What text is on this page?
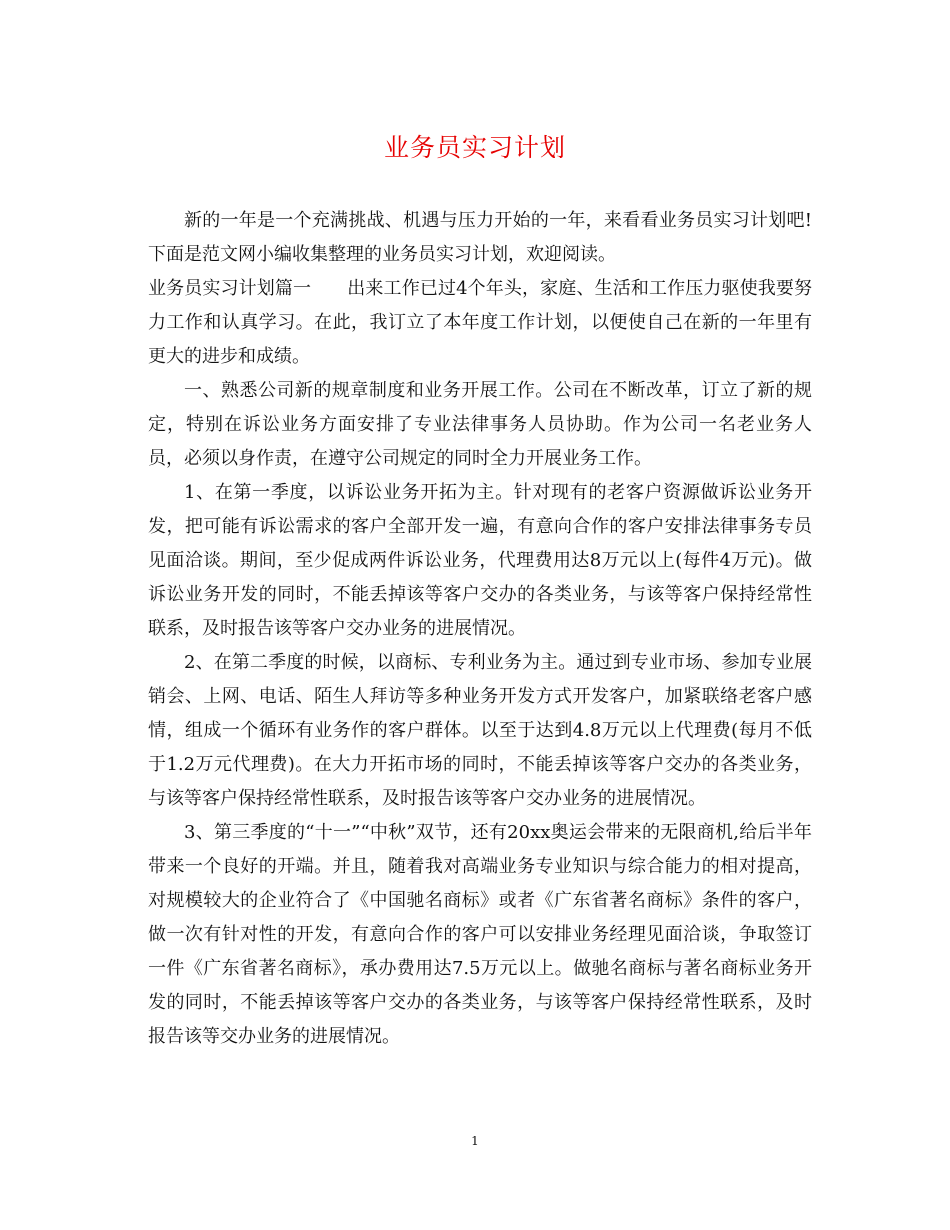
业务员实习计划

新的一年是一个充满挑战、机遇与压力开始的一年，来看看业务员实习计划吧!下面是范文网小编收集整理的业务员实习计划，欢迎阅读。

业务员实习计划篇一 出来工作已过4个年头，家庭、生活和工作压力驱使我要努力工作和认真学习。在此，我订立了本年度工作计划，以便使自己在新的一年里有更大的进步和成绩。

一、熟悉公司新的规章制度和业务开展工作。公司在不断改革，订立了新的规定，特别在诉讼业务方面安排了专业法律事务人员协助。作为公司一名老业务人员，必须以身作责，在遵守公司规定的同时全力开展业务工作。

1、在第一季度，以诉讼业务开拓为主。针对现有的老客户资源做诉讼业务开发，把可能有诉讼需求的客户全部开发一遍，有意向合作的客户安排法律事务专员见面洽谈。期间，至少促成两件诉讼业务，代理费用达8万元以上(每件4万元)。做诉讼业务开发的同时，不能丢掉该等客户交办的各类业务，与该等客户保持经常性联系，及时报告该等客户交办业务的进展情况。

2、在第二季度的时候，以商标、专利业务为主。通过到专业市场、参加专业展销会、上网、电话、陌生人拜访等多种业务开发方式开发客户，加紧联络老客户感情，组成一个循环有业务作的客户群体。以至于达到4.8万元以上代理费(每月不低于1.2万元代理费)。在大力开拓市场的同时，不能丢掉该等客户交办的各类业务，与该等客户保持经常性联系，及时报告该等客户交办业务的进展情况。

3、第三季度的“十一”“中秋”双节，还有20xx奥运会带来的无限商机,给后半年带来一个良好的开端。并且，随着我对高端业务专业知识与综合能力的相对提高，对规模较大的企业符合了《中国驰名商标》或者《广东省著名商标》条件的客户，做一次有针对性的开发，有意向合作的客户可以安排业务经理见面洽谈，争取签订一件《广东省著名商标》，承办费用达7.5万元以上。做驰名商标与著名商标业务开发的同时，不能丢掉该等客户交办的各类业务，与该等客户保持经常性联系，及时报告该等交办业务的进展情况。

1
